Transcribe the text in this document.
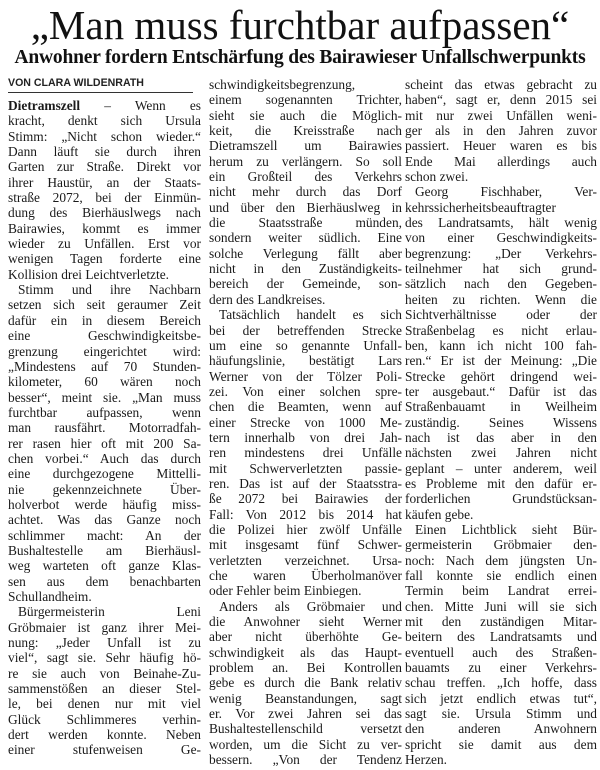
„Man muss furchtbar aufpassen“
Anwohner fordern Entschärfung des Bairawieser Unfallschwerpunkts
VON CLARA WILDENRATH
Dietramszell – Wenn es
kracht, denkt sich Ursula
Stimm: „Nicht schon wieder.“
Dann läuft sie durch ihren
Garten zur Straße. Direkt vor
ihrer Haustür, an der Staats-
straße 2072, bei der Einmün-
dung des Bierhäuslwegs nach
Bairawies, kommt es immer
wieder zu Unfällen. Erst vor
wenigen Tagen forderte eine
Kollision drei Leichtverletzte.
Stimm und ihre Nachbarn
setzen sich seit geraumer Zeit
dafür ein in diesem Bereich
eine Geschwindigkeitsbe-
grenzung eingerichtet wird:
„Mindestens auf 70 Stunden-
kilometer, 60 wären noch
besser“, meint sie. „Man muss
furchtbar aufpassen, wenn
man rausfährt. Motorradfah-
rer rasen hier oft mit 200 Sa-
chen vorbei.“ Auch das durch
eine durchgezogene Mittelli-
nie gekennzeichnete Über-
holverbot werde häufig miss-
achtet. Was das Ganze noch
schlimmer macht: An der
Bushaltestelle am Bierhäusl-
weg warteten oft ganze Klas-
sen aus dem benachbarten
Schullandheim.
Bürgermeisterin Leni
Gröbmaier ist ganz ihrer Mei-
nung: „Jeder Unfall ist zu
viel“, sagt sie. Sehr häufig hö-
re sie auch von Beinahe-Zu-
sammenstößen an dieser Stel-
le, bei denen nur mit viel
Glück Schlimmeres verhin-
dert werden konnte. Neben
einer stufenweisen Ge-
schwindigkeitsbegrenzung,
einem sogenannten Trichter,
sieht sie auch die Möglich-
keit, die Kreisstraße nach
Dietramszell um Bairawies
herum zu verlängern. So soll
ein Großteil des Verkehrs
nicht mehr durch das Dorf
und über den Bierhäuslweg in
die Staatsstraße münden,
sondern weiter südlich. Eine
solche Verlegung fällt aber
nicht in den Zuständigkeits-
bereich der Gemeinde, son-
dern des Landkreises.
Tatsächlich handelt es sich
bei der betreffenden Strecke
um eine so genannte Unfall-
häufungslinie, bestätigt Lars
Werner von der Tölzer Poli-
zei. Von einer solchen spre-
chen die Beamten, wenn auf
einer Strecke von 1000 Me-
tern innerhalb von drei Jah-
ren mindestens drei Unfälle
mit Schwerverletzten passie-
ren. Das ist auf der Staatsstra-
ße 2072 bei Bairawies der
Fall: Von 2012 bis 2014 hat
die Polizei hier zwölf Unfälle
mit insgesamt fünf Schwer-
verletzten verzeichnet. Ursa-
che waren Überholmanöver
oder Fehler beim Einbiegen.
Anders als Gröbmaier und
die Anwohner sieht Werner
aber nicht überhöhte Ge-
schwindigkeit als das Haupt-
problem an. Bei Kontrollen
gebe es durch die Bank relativ
wenig Beanstandungen, sagt
er. Vor zwei Jahren sei das
Bushaltestellenschild versetzt
worden, um die Sicht zu ver-
bessern. „Von der Tendenz
scheint das etwas gebracht zu
haben“, sagt er, denn 2015 sei
mit nur zwei Unfällen weni-
ger als in den Jahren zuvor
passiert. Heuer waren es bis
Ende Mai allerdings auch
schon zwei.
Georg Fischhaber, Ver-
kehrssicherheitsbeauftragter
des Landratsamts, hält wenig
von einer Geschwindigkeits-
begrenzung: „Der Verkehrs-
teilnehmer hat sich grund-
sätzlich nach den Gegeben-
heiten zu richten. Wenn die
Sichtverhältnisse oder der
Straßenbelag es nicht erlau-
ben, kann ich nicht 100 fah-
ren.“ Er ist der Meinung: „Die
Strecke gehört dringend wei-
ter ausgebaut.“ Dafür ist das
Straßenbauamt in Weilheim
zuständig. Seines Wissens
nach ist das aber in den
nächsten zwei Jahren nicht
geplant – unter anderem, weil
es Probleme mit den dafür er-
forderlichen Grundstücksan-
käufen gebe.
Einen Lichtblick sieht Bür-
germeisterin Gröbmaier den-
noch: Nach dem jüngsten Un-
fall konnte sie endlich einen
Termin beim Landrat errei-
chen. Mitte Juni will sie sich
mit den zuständigen Mitar-
beitern des Landratsamts und
eventuell auch des Straßen-
bauamts zu einer Verkehrs-
schau treffen. „Ich hoffe, dass
sich jetzt endlich etwas tut“,
sagt sie. Ursula Stimm und
den anderen Anwohnern
spricht sie damit aus dem
Herzen.
